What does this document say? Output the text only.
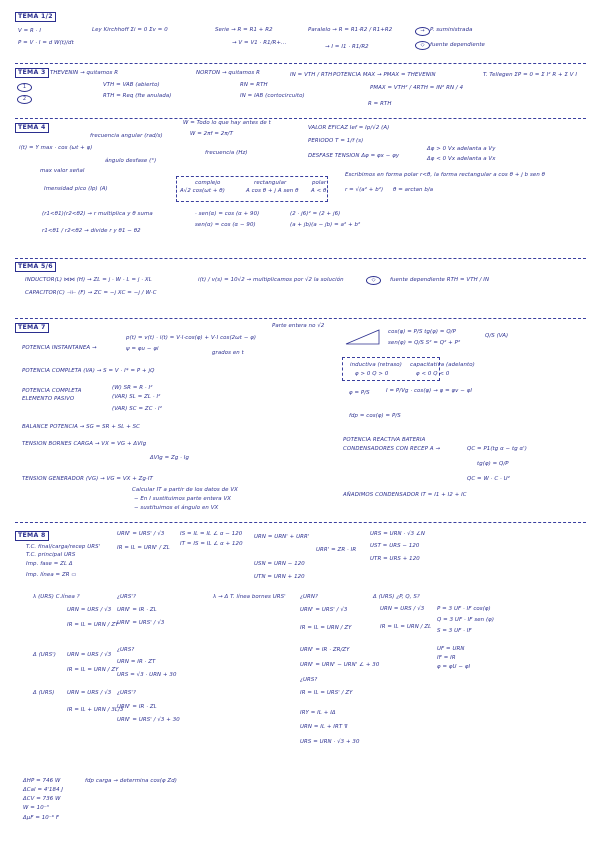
TEMA 1/2
V = R · I
P = V · I = d W(t)/dt
Ley Kirchhoff Σi = 0 Σv = 0	Serie → R = R1 + R2
→ V = V1 · R1/R+...
Paralelo → R = R1·R2 / R1+R2
→ I = I1 · R1/R2
P. suministrada
fuente dependiente
TEMA 3 THEVENIN → quitamos R
VTH = VAB (abierto)
RTH = Req (fte anulada)
NORTON → quitamos R
RN = RTH
IN = IAB (cortocircuito)
IN = VTH / RTH POTENCIA MAX → PMAX = THEVENIN
PMAX = VTH² / 4RTH = IN² RN / 4
R = RTH
T. Tellegen ΣP = 0 = Σ I² R + Σ V I
TEMA 4
W = Todo lo que hay antes de t
W = 2πf = 2π/T
frecuencia (Hz)
frecuencia angular (rad/s)
i(t) = Y max · cos (ωt + φ)
ángulo desfase (°)
max valor señal
Imensidad pico (Ip) (A)
VALOR EFICAZ Ief = Ip/√2 (A)
PERIODO T = 1/f (s)
DESFASE TENSION Δφ = φx − φy
Δφ > 0 Vx adelanta a Vy
Δφ < 0 Vx adelanta a Vx
complejo	rectangular	polar
A√2 cos(ωt + θ)	A cos θ + j A sen θ A < θ
Escribimos en forma polar r<θ, la forma rectangular a cos θ + j b sen θ
r = √(a² + b²) θ = arctan b/a
(r1<θ1)(r2<θ2) → r multiplica y θ suma
r1<θ1 / r2<θ2 → divide r y θ1 − θ2
· sen(α) = cos (α + 90)
sen(α) = cos (α − 90)
(2 · j6)² = (2 + j6)
(a + jb)(a − jb) = a² + b²
TEMA 5/6
INDUCTOR(L) ⋈⋈ (H) → ZL = j · W · L = j · XL
CAPACITOR(C) ⊣⊢ (F) → ZC = −j XC = −j / W·C
i(t) / v(s) = 10√2 → multiplicamos por √2 la solución	fuente dependiente RTH = VTH / IN
TEMA 7
POTENCIA INSTANTANEA →
p(t) = v(t) · i(t) = V·I·cos(φ) + V·I cos(2ωt − φ)
ψ = φu − φi
Parte entera no √2
grados en t
POTENCIA COMPLETA (VA) → S = V · I* = P + jQ
POTENCIA COMPLETA
ELEMENTO PASIVO
(W) SR = R · I²
(VAR) SL = ZL · I²
(VAR) SC = ZC · I²
BALANCE POTENCIA → SG = SR + SL + SC
TENSION BORNES CARGA → VX = VG + ΔVIg
ΔVIg = Zg · Ig
TENSION GENERADOR (VG) → VG = VX + Zg·IT
Calcular IT a partir de los datos de VX
− En I sustituimos parte entera VX
− sustituimos el ángulo en VX
cos(φ) = P/S tg(φ) = Q/P
sen(φ) = Q/S S² = Q² + P²
Q/S (VA)
inductiva (retraso) capacitativa (adelanto)
φ > 0 Q > 0	φ < 0 Q < 0
φ = P/S	I = P/Vg · cos(φ) → φ = φv − φI
fdp = cos(φ) = P/S
POTENCIA REACTIVA BATERIA
CONDENSADORES CON RECEP A →	QC = P1(tg α − tg α')
tg(φ) = Q/P
QC = W · C · U²
AÑADIMOS CONDENSADOR IT = I1 + I2 + IC
TEMA 8
T.C. final/carga/recep URS'
T.C. principal URS
Imp. fase = ZL Δ
Imp. línea = ZR ▭
URN' = URS' / √3
IR = IL = URN' / ZL
IS = IL = IL ∠ α − 120
IT = IS = IL ∠ α + 120
URN = URN' + URR'
URR' = ZR · IR
USN = URN − 120
UTN = URN + 120
URS = URN · √3 ∠N
UST = URS − 120
UTR = URS + 120
λ (URS) C.línea ?
URN = URS / √3
IR = IL = URN / ZY
¿URS'?
URN' = IR · ZL
URN' = URS' / √3
λ → Δ T. línea bornes URS'	¿URN?
URN' = URS' / √3
IR = IL = URN / ZY
URN' = IR · ZR/ZY
URN' = URN' − URN' ∠ + 30
¿URS?
IR = IL = URS' / ZY
IRY = IL + IΔ
URN = IL + IRT ⊽
URS = URN · √3 + 30
Δ (URS) ¿P, Q, S?
URN = URS / √3
IR = IL = URN / ZL
P = 3 UF · IF cos(φ)
Q = 3 UF · IF sen (φ)
S = 3 UF · IF
UF = URN
IF = IR
φ = φU − φI
Δ (URS') URN = URS / √3
IR = IL = URN / ZY
¿URS?
URN = IR · ZT
URS = √3 · URN + 30
Δ (URS) URN = URS / √3
IR = IL + URN / 3L/3
¿URS'?
URN' = IR · ZL
URN' = URS' / √3 + 30
ΔHP = 746 W
ΔCal = 4'184 J
ΔCV = 736 W
W = 10⁻³
ΔμF = 10⁻⁶ F
fdp carga → determina cos(φ Zd)
→
◇
1
2
◇
